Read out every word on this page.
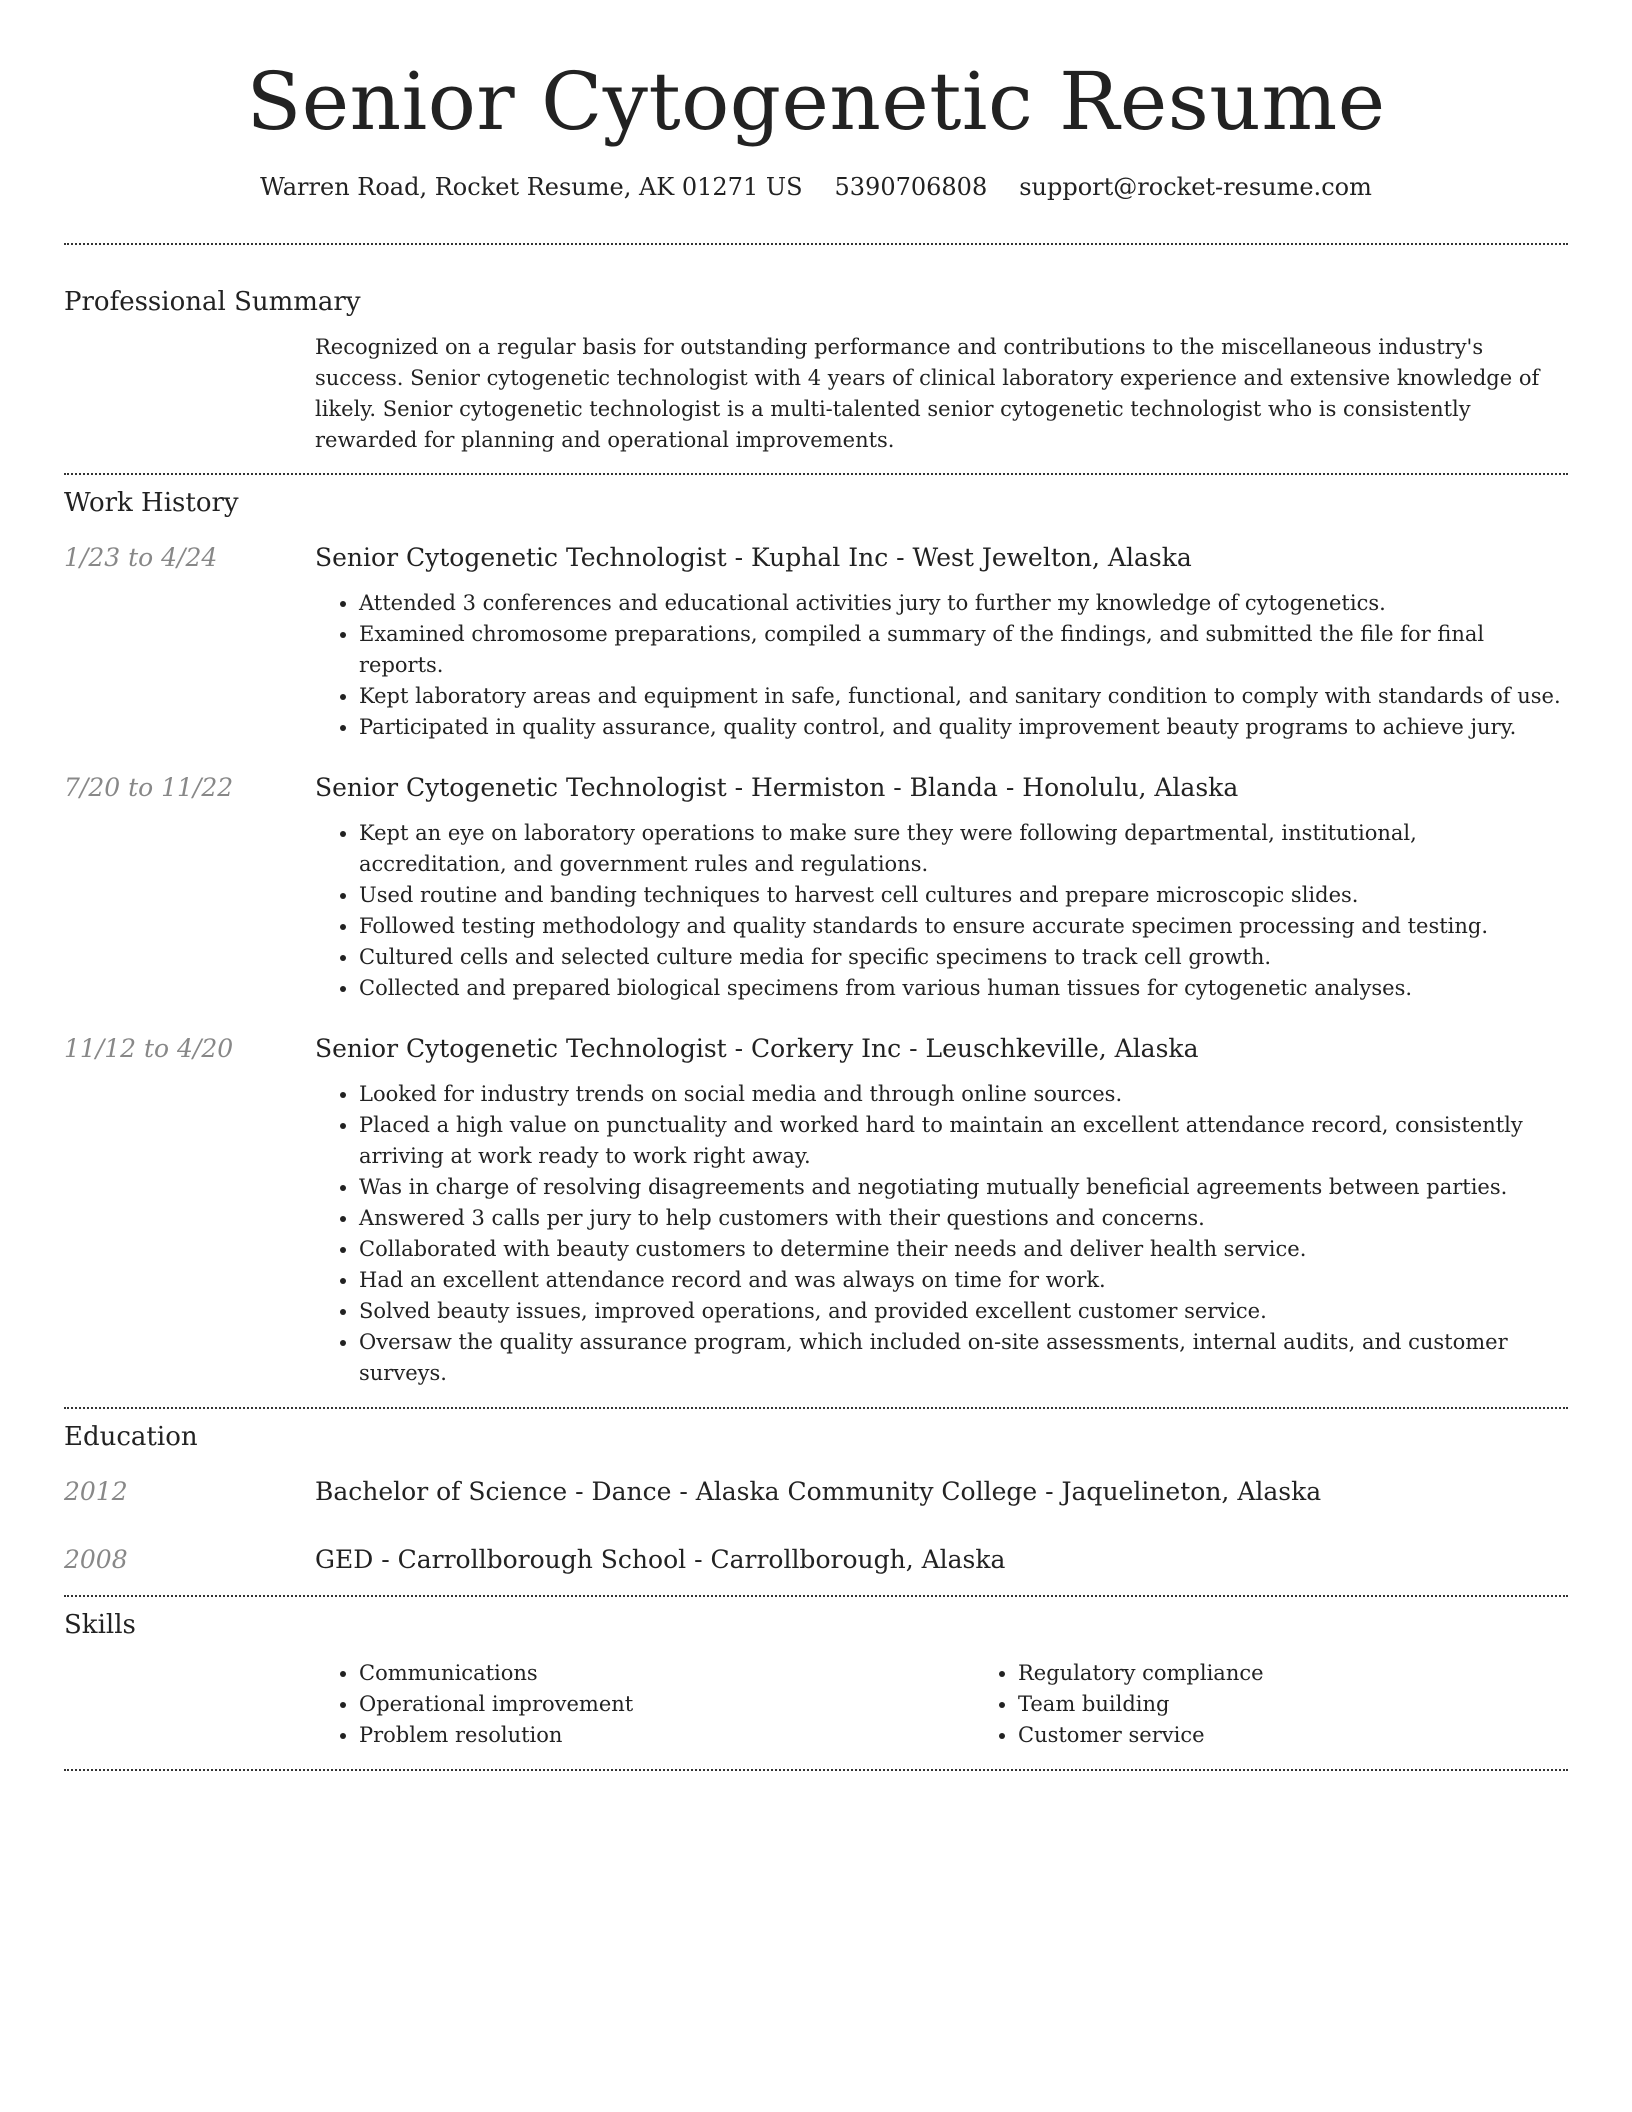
Senior Cytogenetic Resume
Warren Road, Rocket Resume, AK 01271 US 5390706808 support@rocket-resume.com
Professional Summary
Recognized on a regular basis for outstanding performance and contributions to the miscellaneous industry's success. Senior cytogenetic technologist with 4 years of clinical laboratory experience and extensive knowledge of likely. Senior cytogenetic technologist is a multi-talented senior cytogenetic technologist who is consistently rewarded for planning and operational improvements.
Work History
1/23 to 4/24	Senior Cytogenetic Technologist - Kuphal Inc - West Jewelton, Alaska
• Attended 3 conferences and educational activities jury to further my knowledge of cytogenetics.
• Examined chromosome preparations, compiled a summary of the findings, and submitted the file for final reports.
• Kept laboratory areas and equipment in safe, functional, and sanitary condition to comply with standards of use.
• Participated in quality assurance, quality control, and quality improvement beauty programs to achieve jury.
7/20 to 11/22	Senior Cytogenetic Technologist - Hermiston - Blanda - Honolulu, Alaska
• Kept an eye on laboratory operations to make sure they were following departmental, institutional, accreditation, and government rules and regulations.
• Used routine and banding techniques to harvest cell cultures and prepare microscopic slides.
• Followed testing methodology and quality standards to ensure accurate specimen processing and testing.
• Cultured cells and selected culture media for specific specimens to track cell growth.
• Collected and prepared biological specimens from various human tissues for cytogenetic analyses.
11/12 to 4/20	Senior Cytogenetic Technologist - Corkery Inc - Leuschkeville, Alaska
• Looked for industry trends on social media and through online sources.
• Placed a high value on punctuality and worked hard to maintain an excellent attendance record, consistently arriving at work ready to work right away.
• Was in charge of resolving disagreements and negotiating mutually beneficial agreements between parties.
• Answered 3 calls per jury to help customers with their questions and concerns.
• Collaborated with beauty customers to determine their needs and deliver health service.
• Had an excellent attendance record and was always on time for work.
• Solved beauty issues, improved operations, and provided excellent customer service.
• Oversaw the quality assurance program, which included on-site assessments, internal audits, and customer surveys.
Education
2012	Bachelor of Science - Dance - Alaska Community College - Jaquelineton, Alaska
2008	GED - Carrollborough School - Carrollborough, Alaska
Skills
• Communications
• Operational improvement
• Problem resolution
• Regulatory compliance
• Team building
• Customer service
